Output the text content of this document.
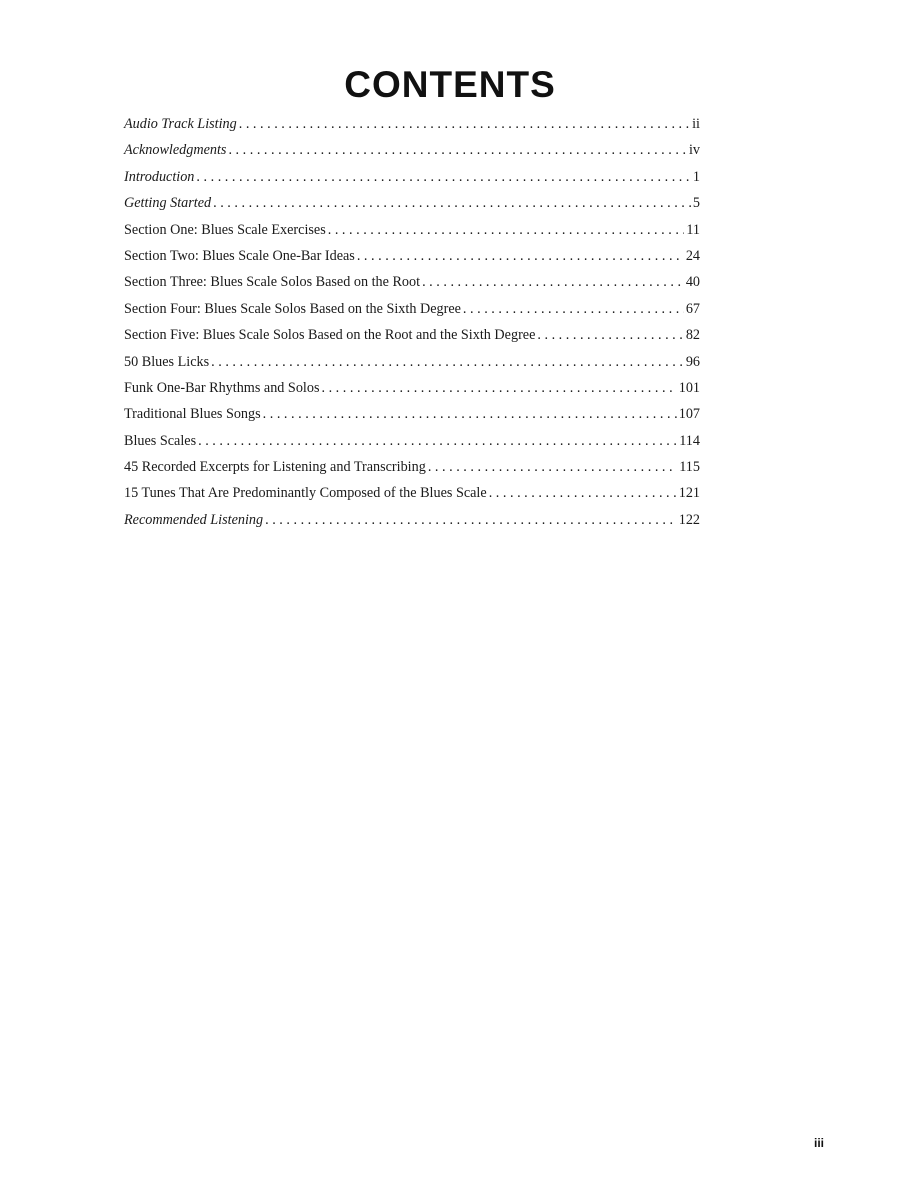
CONTENTS
Audio Track Listing . . .	ii
Acknowledgments . . .	iv
Introduction . . .	1
Getting Started . . .	5
Section One: Blues Scale Exercises . . .	11
Section Two: Blues Scale One-Bar Ideas . . .	24
Section Three: Blues Scale Solos Based on the Root . . .	40
Section Four: Blues Scale Solos Based on the Sixth Degree . . .	67
Section Five: Blues Scale Solos Based on the Root and the Sixth Degree . . .	82
50 Blues Licks . . .	96
Funk One-Bar Rhythms and Solos . . .	101
Traditional Blues Songs . . .	107
Blues Scales . . .	114
45 Recorded Excerpts for Listening and Transcribing . . .	115
15 Tunes That Are Predominantly Composed of the Blues Scale . . .	121
Recommended Listening . . .	122
iii
